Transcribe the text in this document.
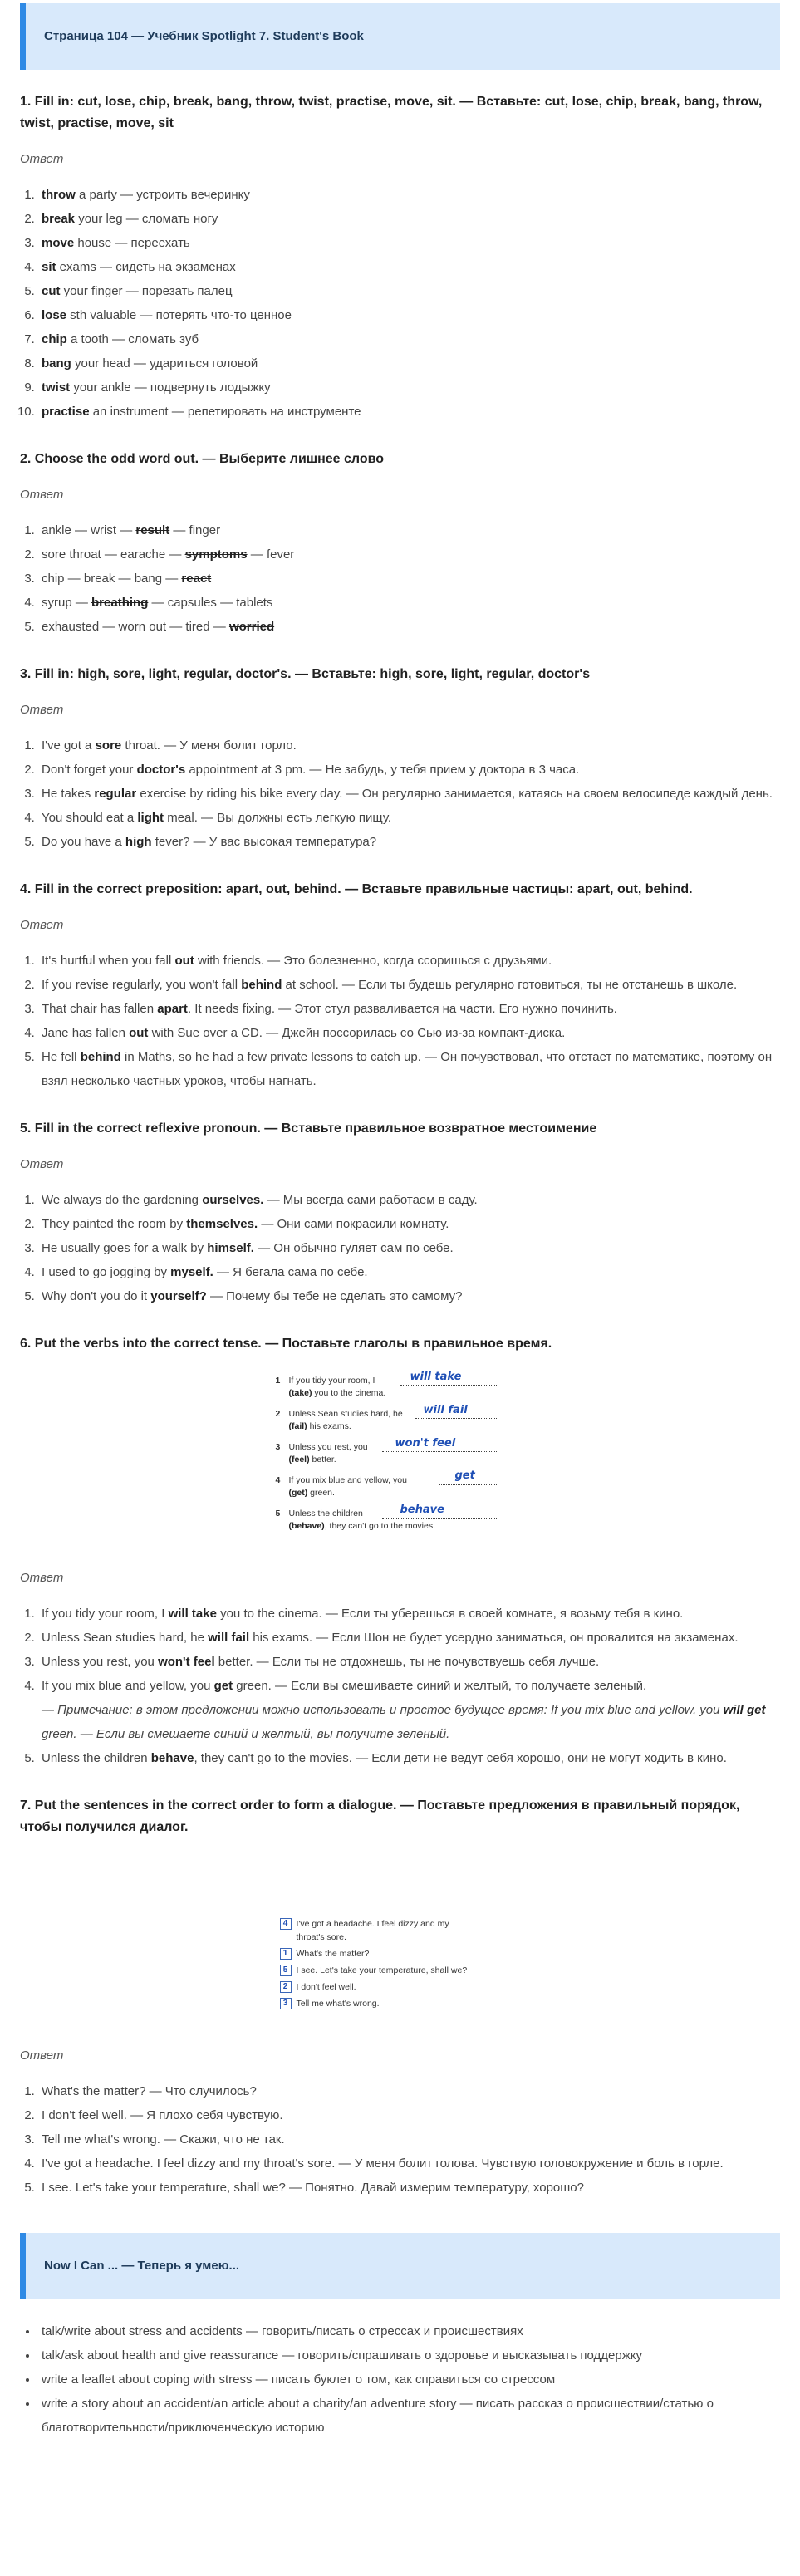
Страница 104 — Учебник Spotlight 7. Student's Book
1. Fill in: cut, lose, chip, break, bang, throw, twist, practise, move, sit. — Вставьте: cut, lose, chip, break, bang, throw, twist, practise, move, sit

Ответ

1. throw a party — устроить вечеринку
2. break your leg — сломать ногу
3. move house — переехать
4. sit exams — сидеть на экзаменах
5. cut your finger — порезать палец
6. lose sth valuable — потерять что-то ценное
7. chip a tooth — сломать зуб
8. bang your head — удариться головой
9. twist your ankle — подвернуть лодыжку
10. practise an instrument — репетировать на инструменте
2. Choose the odd word out. — Выберите лишнее слово

Ответ

1. ankle — wrist — result — finger
2. sore throat — earache — symptoms — fever
3. chip — break — bang — react
4. syrup — breathing — capsules — tablets
5. exhausted — worn out — tired — worried
3. Fill in: high, sore, light, regular, doctor's. — Вставьте: high, sore, light, regular, doctor's

Ответ

1. I've got a sore throat. — У меня болит горло.
2. Don't forget your doctor's appointment at 3 pm. — Не забудь, у тебя прием у доктора в 3 часа.
3. He takes regular exercise by riding his bike every day. — Он регулярно занимается, катаясь на своем велосипеде каждый день.
4. You should eat a light meal. — Вы должны есть легкую пищу.
5. Do you have a high fever? — У вас высокая температура?
4. Fill in the correct preposition: apart, out, behind. — Вставьте правильные частицы: apart, out, behind.

Ответ

1. It's hurtful when you fall out with friends. — Это болезненно, когда ссоришься с друзьями.
2. If you revise regularly, you won't fall behind at school. — Если ты будешь регулярно готовиться, ты не отстанешь в школе.
3. That chair has fallen apart. It needs fixing. — Этот стул разваливается на части. Его нужно починить.
4. Jane has fallen out with Sue over a CD. — Джейн поссорилась со Сью из-за компакт-диска.
5. He fell behind in Maths, so he had a few private lessons to catch up. — Он почувствовал, что отстает по математике, поэтому он взял несколько частных уроков, чтобы нагнать.
5. Fill in the correct reflexive pronoun. — Вставьте правильное возвратное местоимение

Ответ

1. We always do the gardening ourselves. — Мы всегда сами работаем в саду.
2. They painted the room by themselves. — Они сами покрасили комнату.
3. He usually goes for a walk by himself. — Он обычно гуляет сам по себе.
4. I used to go jogging by myself. — Я бегала сама по себе.
5. Why don't you do it yourself? — Почему бы тебе не сделать это самому?
6. Put the verbs into the correct tense. — Поставьте глаголы в правильное время.
1 If you tidy your room, I	will take
(take) you to the cinema.
2 Unless Sean studies hard, he will fail
(fail) his exams.
3 Unless you rest, you	won't feel
(feel) better.
4 If you mix blue and yellow, you	get
(get) green.
5 Unless the children	behave
(behave), they can't go to the movies.

Ответ

1. If you tidy your room, I will take you to the cinema. — Если ты уберешься в своей комнате, я возьму тебя в кино.
2. Unless Sean studies hard, he will fail his exams. — Если Шон не будет усердно заниматься, он провалится на экзаменах.
3. Unless you rest, you won't feel better. — Если ты не отдохнешь, ты не почувствуешь себя лучше.
4. If you mix blue and yellow, you get green. — Если вы смешиваете синий и желтый, то получаете зеленый.
— Примечание: в этом предложении можно использовать и простое будущее время: If you mix blue and yellow, you will get green. — Если вы смешаете синий и желтый, вы получите зеленый.
5. Unless the children behave, they can't go to the movies. — Если дети не ведут себя хорошо, они не могут ходить в кино.
7. Put the sentences in the correct order to form a dialogue. — Поставьте предложения в правильный порядок, чтобы получился диалог.
4 I've got a headache. I feel dizzy and my
throat's sore.
1 What's the matter?
5 I see. Let's take your temperature, shall we?
2 I don't feel well.
3 Tell me what's wrong.

Ответ

1. What's the matter? — Что случилось?
2. I don't feel well. — Я плохо себя чувствую.
3. Tell me what's wrong. — Скажи, что не так.
4. I've got a headache. I feel dizzy and my throat's sore. — У меня болит голова. Чувствую головокружение и боль в горле.
5. I see. Let's take your temperature, shall we? — Понятно. Давай измерим температуру, хорошо?
Now I Can ... — Теперь я умею...
• talk/write about stress and accidents — говорить/писать о стрессах и происшествиях
• talk/ask about health and give reassurance — говорить/спрашивать о здоровье и высказывать поддержку
• write a leaflet about coping with stress — писать буклет о том, как справиться со стрессом
• write a story about an accident/an article about a charity/an adventure story — писать рассказ о происшествии/статью о благотворительности/приключенческую историю
